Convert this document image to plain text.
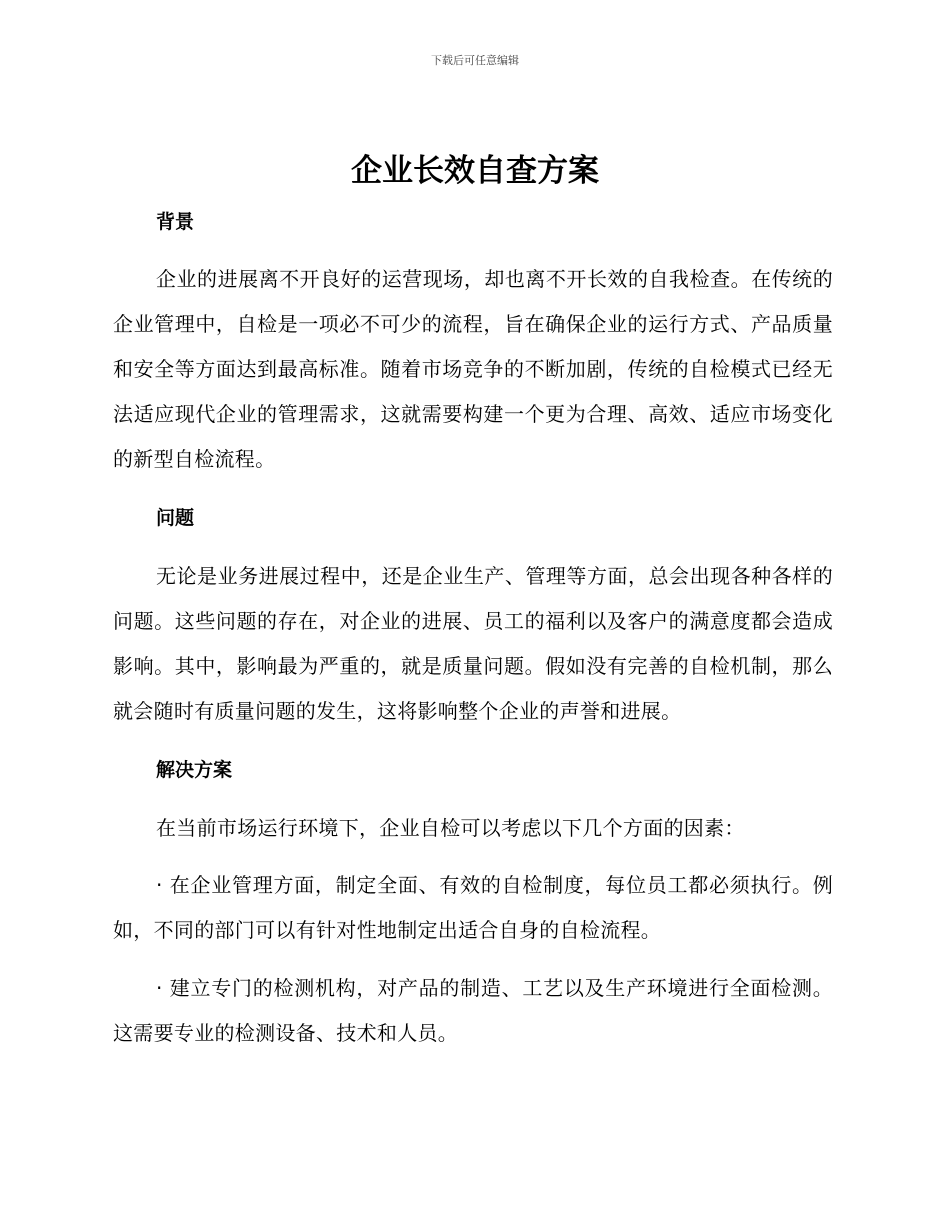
下载后可任意编辑
企业长效自查方案
背景

企业的进展离不开良好的运营现场，却也离不开长效的自我检查。在传统的企业管理中，自检是一项必不可少的流程，旨在确保企业的运行方式、产品质量和安全等方面达到最高标准。随着市场竞争的不断加剧，传统的自检模式已经无法适应现代企业的管理需求，这就需要构建一个更为合理、高效、适应市场变化的新型自检流程。

问题

无论是业务进展过程中，还是企业生产、管理等方面，总会出现各种各样的问题。这些问题的存在，对企业的进展、员工的福利以及客户的满意度都会造成影响。其中，影响最为严重的，就是质量问题。假如没有完善的自检机制，那么就会随时有质量问题的发生，这将影响整个企业的声誉和进展。

解决方案

在当前市场运行环境下，企业自检可以考虑以下几个方面的因素：

· 在企业管理方面，制定全面、有效的自检制度，每位员工都必须执行。例如，不同的部门可以有针对性地制定出适合自身的自检流程。

· 建立专门的检测机构，对产品的制造、工艺以及生产环境进行全面检测。这需要专业的检测设备、技术和人员。
